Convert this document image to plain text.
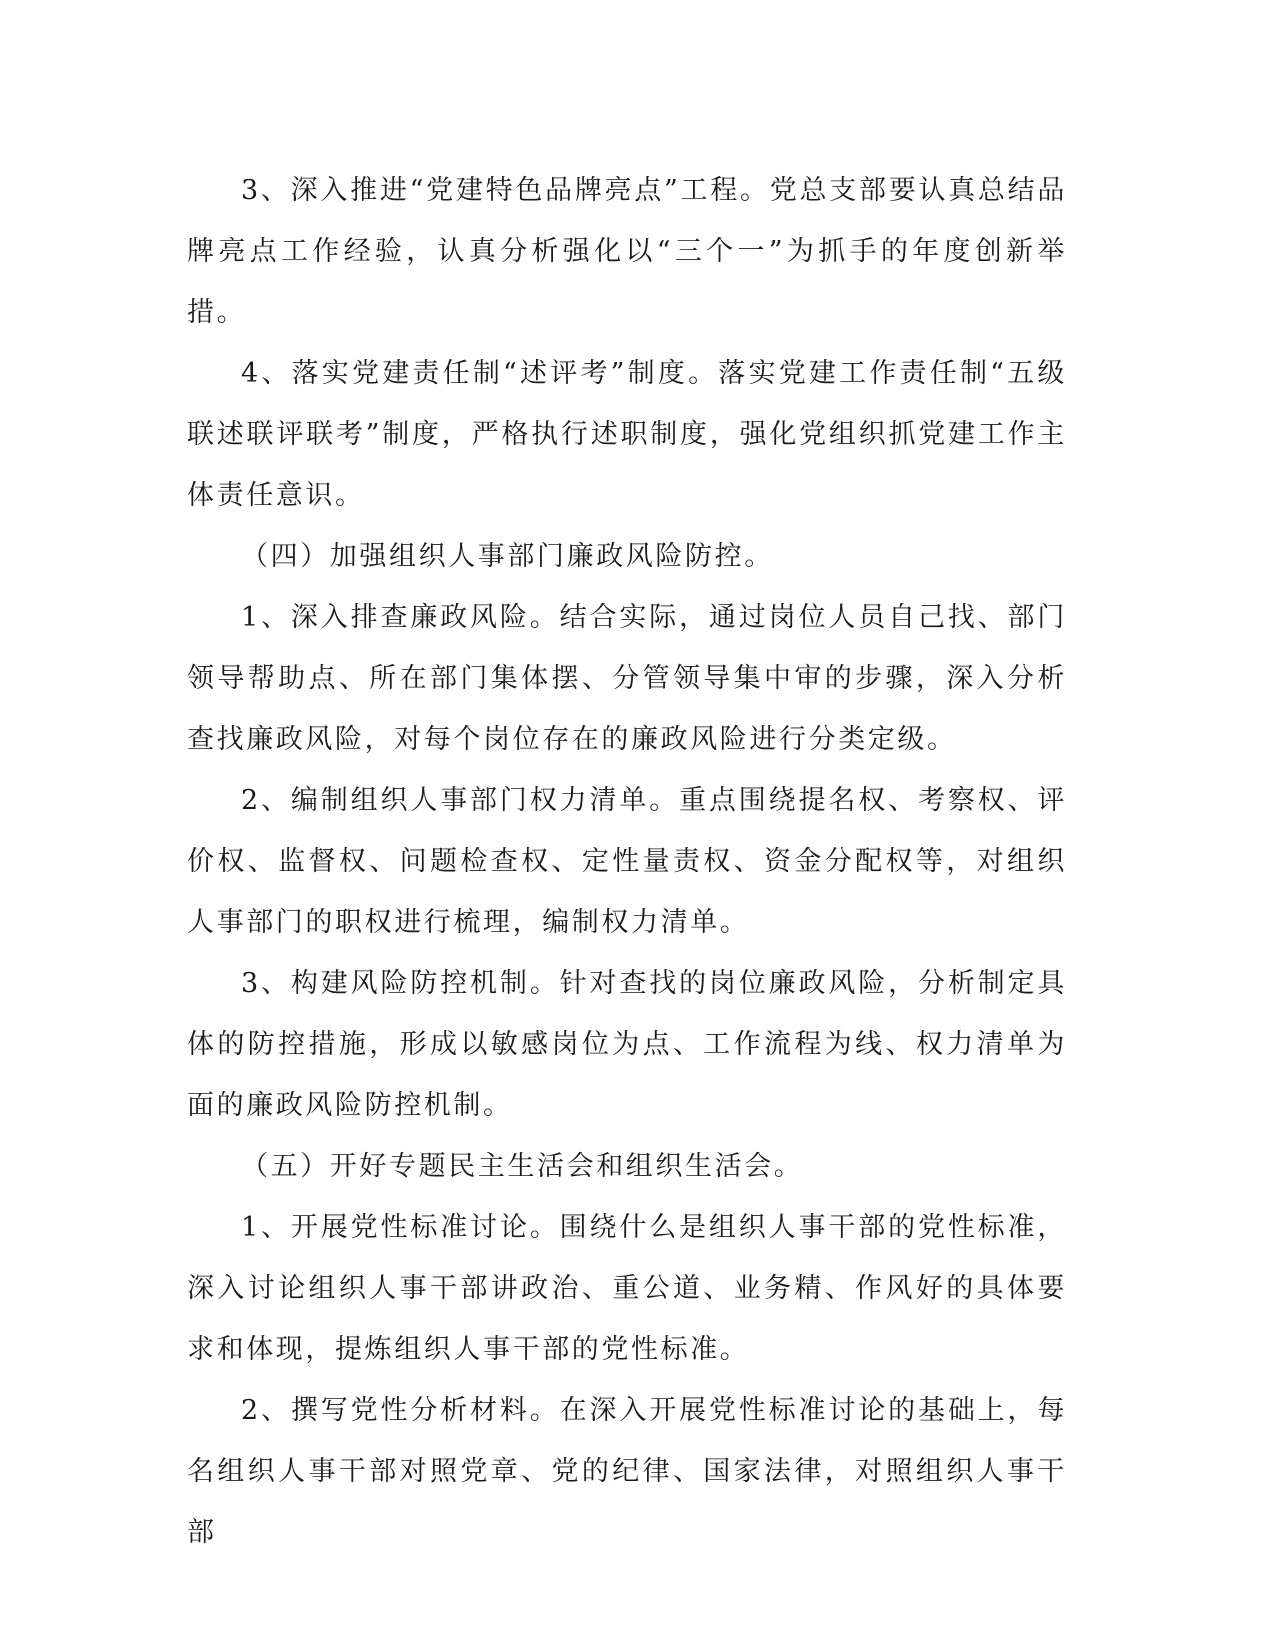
3、深入推进“党建特色品牌亮点”工程。党总支部要认真总结品牌亮点工作经验，认真分析强化以“三个一”为抓手的年度创新举措。

4、落实党建责任制“述评考”制度。落实党建工作责任制“五级联述联评联考”制度，严格执行述职制度，强化党组织抓党建工作主体责任意识。

（四）加强组织人事部门廉政风险防控。

1、深入排查廉政风险。结合实际，通过岗位人员自己找、部门领导帮助点、所在部门集体摆、分管领导集中审的步骤，深入分析查找廉政风险，对每个岗位存在的廉政风险进行分类定级。

2、编制组织人事部门权力清单。重点围绕提名权、考察权、评价权、监督权、问题检查权、定性量责权、资金分配权等，对组织人事部门的职权进行梳理，编制权力清单。

3、构建风险防控机制。针对查找的岗位廉政风险，分析制定具体的防控措施，形成以敏感岗位为点、工作流程为线、权力清单为面的廉政风险防控机制。

（五）开好专题民主生活会和组织生活会。

1、开展党性标准讨论。围绕什么是组织人事干部的党性标准，深入讨论组织人事干部讲政治、重公道、业务精、作风好的具体要求和体现，提炼组织人事干部的党性标准。

2、撰写党性分析材料。在深入开展党性标准讨论的基础上，每名组织人事干部对照党章、党的纪律、国家法律，对照组织人事干部
